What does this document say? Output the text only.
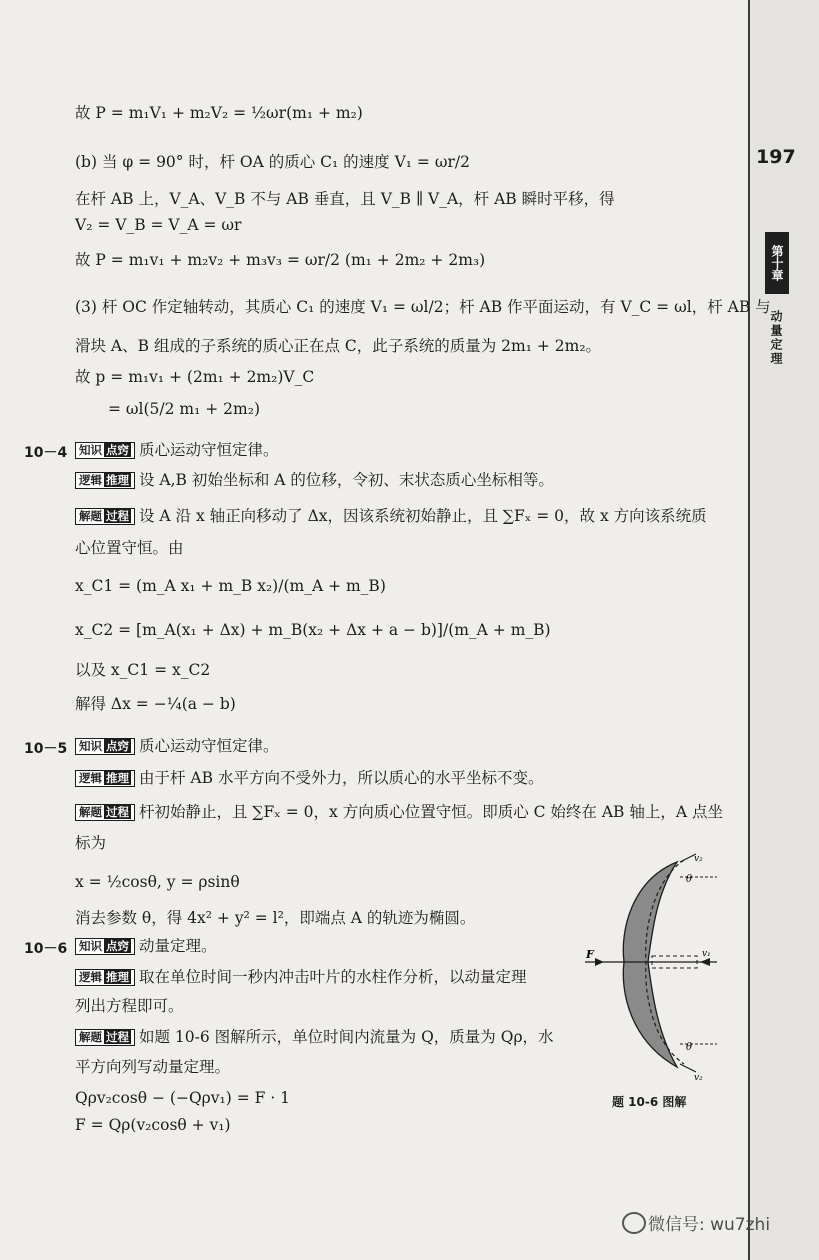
197
第十章
动量定理
故 P = m₁V₁ + m₂V₂ = ½ωr(m₁ + m₂)
(b) 当 φ = 90° 时，杆 OA 的质心 C₁ 的速度 V₁ = ωr/2
在杆 AB 上，V_A、V_B 不与 AB 垂直，且 V_B ∥ V_A，杆 AB 瞬时平移，得
V₂ = V_B = V_A = ωr
故 P = m₁v₁ + m₂v₂ + m₃v₃ = ωr/2 (m₁ + 2m₂ + 2m₃)
(3) 杆 OC 作定轴转动，其质心 C₁ 的速度 V₁ = ωl/2；杆 AB 作平面运动，有 V_C = ωl，杆 AB 与
滑块 A、B 组成的子系统的质心正在点 C，此子系统的质量为 2m₁ + 2m₂。
故 p = m₁v₁ + (2m₁ + 2m₂)V_C
= ωl(5/2 m₁ + 2m₂)
10－4	知识 点窍 质心运动守恒定律。
逻辑 推理 设 A,B 初始坐标和 A 的位移，令初、末状态质心坐标相等。
解题 过程 设 A 沿 x 轴正向移动了 Δx，因该系统初始静止，且 ∑Fₓ = 0，故 x 方向该系统质
心位置守恒。由
x_C1 = (m_A x₁ + m_B x₂)/(m_A + m_B)
x_C2 = [m_A(x₁ + Δx) + m_B(x₂ + Δx + a − b)]/(m_A + m_B)
以及 x_C1 = x_C2
解得 Δx = −¼(a − b)
10－5	知识 点窍 质心运动守恒定律。
逻辑 推理 由于杆 AB 水平方向不受外力，所以质心的水平坐标不变。
解题 过程 杆初始静止，且 ∑Fₓ = 0，x 方向质心位置守恒。即质心 C 始终在 AB 轴上，A 点坐
标为
x = ½cosθ, y = ρsinθ
消去参数 θ，得 4x² + y² = l²，即端点 A 的轨迹为椭圆。
10－6	知识 点窍 动量定理。
逻辑 推理 取在单位时间一秒内冲击叶片的水柱作分析，以动量定理
列出方程即可。
解题 过程 如题 10-6 图解所示，单位时间内流量为 Q，质量为 Qρ，水
平方向列写动量定理。
Qρv₂cosθ − (−Qρv₁) = F · 1
F = Qρ(v₂cosθ + v₁)
F	v₁
v₂
v₂
θ
θ
题 10-6 图解
微信号: wu7zhi
